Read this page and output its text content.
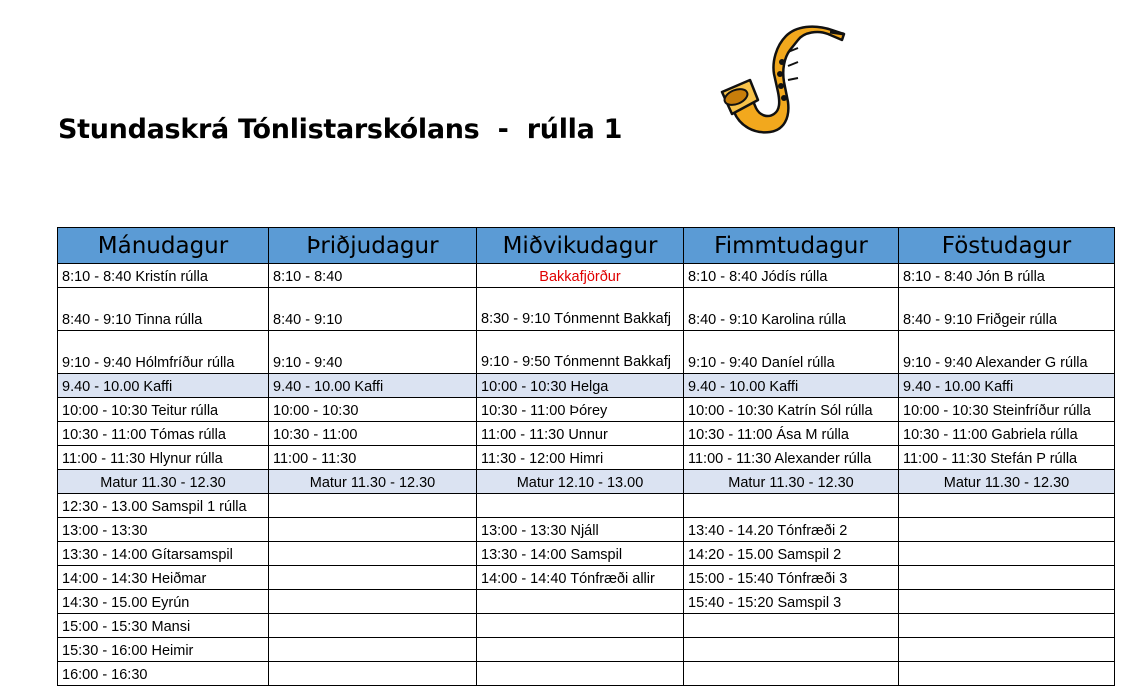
Stundaskrá Tónlistarskólans  -  rúlla 1
Mánudagur	Þriðjudagur	Miðvikudagur	Fimmtudagur	Föstudagur
8:10 - 8:40 Kristín rúlla	8:10 - 8:40	Bakkafjörður	8:10 - 8:40 Jódís rúlla	8:10 - 8:40 Jón B rúlla
8:40 - 9:10 Tinna rúlla	8:40 - 9:10	8:30 - 9:10 Tónmennt Bakkafj	8:40 - 9:10 Karolina rúlla	8:40 - 9:10 Friðgeir rúlla
9:10 - 9:40 Hólmfríður rúlla	9:10 - 9:40	9:10 - 9:50 Tónmennt Bakkafj	9:10 - 9:40 Daníel rúlla	9:10 - 9:40 Alexander G rúlla
9.40 - 10.00 Kaffi	9.40 - 10.00 Kaffi	10:00 - 10:30 Helga	9.40 - 10.00 Kaffi	9.40 - 10.00 Kaffi
10:00 - 10:30 Teitur rúlla	10:00 - 10:30	10:30 - 11:00 Þórey	10:00 - 10:30 Katrín Sól rúlla	10:00 - 10:30 Steinfríður rúlla
10:30 - 11:00 Tómas rúlla	10:30 - 11:00	11:00 - 11:30 Unnur	10:30 - 11:00 Ása M rúlla	10:30 - 11:00 Gabriela rúlla
11:00 - 11:30 Hlynur rúlla	11:00 - 11:30	11:30 - 12:00 Himri	11:00 - 11:30 Alexander rúlla	11:00 - 11:30 Stefán P rúlla
Matur 11.30 - 12.30	Matur 11.30 - 12.30	Matur 12.10 - 13.00	Matur 11.30 - 12.30	Matur 11.30 - 12.30
12:30 - 13.00 Samspil 1 rúlla				
13:00 - 13:30		13:00 - 13:30 Njáll	13:40 - 14.20 Tónfræði 2	
13:30 - 14:00 Gítarsamspil		13:30 - 14:00 Samspil	14:20 - 15.00 Samspil 2	
14:00 - 14:30 Heiðmar		14:00 - 14:40 Tónfræði allir	15:00 - 15:40 Tónfræði 3	
14:30 - 15.00 Eyrún			15:40 - 15:20 Samspil 3	
15:00 - 15:30 Mansi				
15:30 - 16:00 Heimir				
16:00 - 16:30				
